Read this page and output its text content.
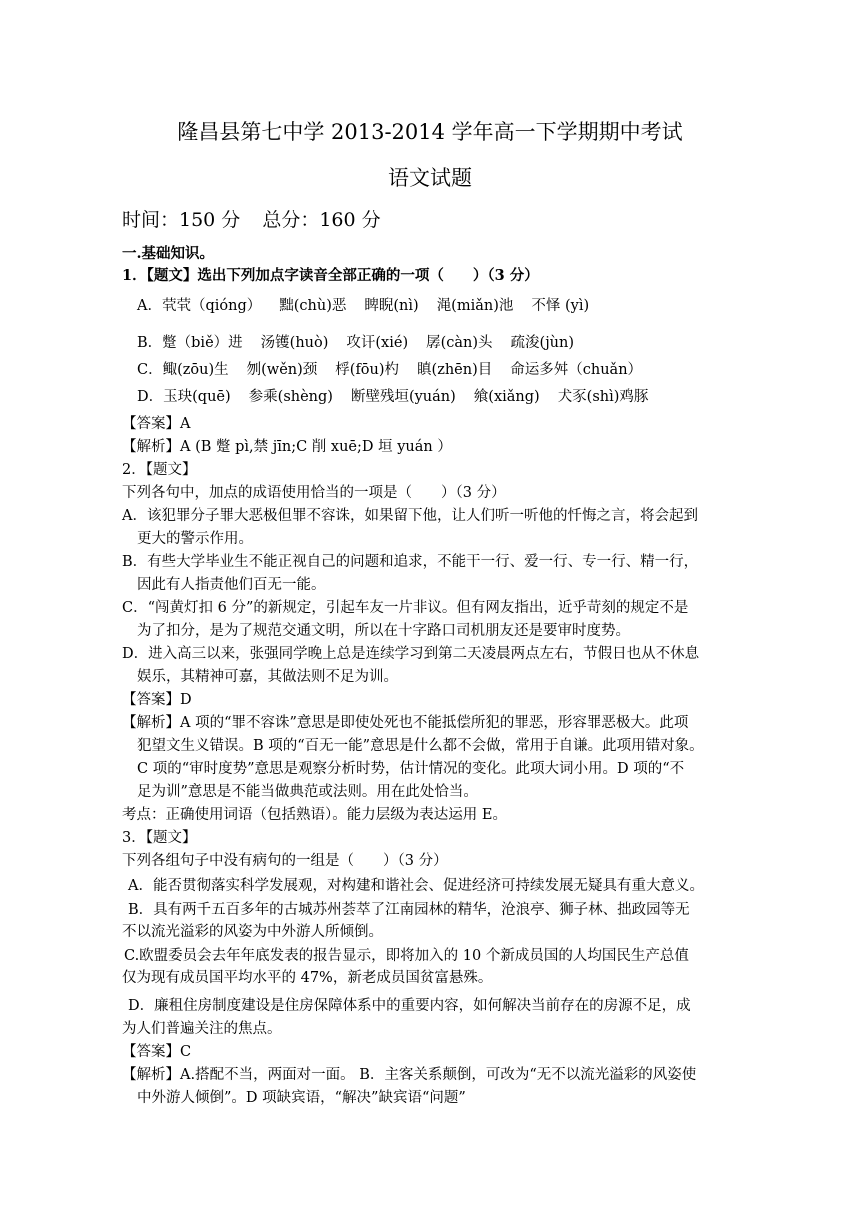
隆昌县第七中学 2013-2014 学年高一下学期期中考试
语文试题
时间：150 分 总分：160 分
一.基础知识。
1．【题文】选出下列加点字读音全部正确的一项（　　）（3 分）
A．茕茕（qióng） 黜(chù)恶 睥睨(nì) 渑(miǎn)池 不怿 (yì)
B．蹩（biě）进 汤镬(huò) 攻讦(xié) 孱(càn)头 疏浚(jùn)
C．鲰(zōu)生 刎(wěn)颈 桴(fōu)杓 瞋(zhēn)目 命运多舛（chuǎn）
D．玉玦(quē) 参乘(shèng) 断壁残垣(yuán) 飨(xiǎng) 犬豕(shì)鸡豚
【答案】A
【解析】A (B 蹩 pì,禁 jīn;C 削 xuē;D 垣 yuán ）
2．【题文】
下列各句中，加点的成语使用恰当的一项是（　　）（3 分）
A．该犯罪分子罪大恶极但罪不容诛，如果留下他，让人们听一听他的忏悔之言，将会起到
更大的警示作用。
B．有些大学毕业生不能正视自己的问题和追求，不能干一行、爱一行、专一行、精一行，
因此有人指责他们百无一能。
C．“闯黄灯扣 6 分”的新规定，引起车友一片非议。但有网友指出，近乎苛刻的规定不是
为了扣分，是为了规范交通文明，所以在十字路口司机朋友还是要审时度势。
D．进入高三以来，张强同学晚上总是连续学习到第二天凌晨两点左右，节假日也从不休息
娱乐，其精神可嘉，其做法则不足为训。
【答案】D
【解析】A 项的“罪不容诛”意思是即使处死也不能抵偿所犯的罪恶，形容罪恶极大。此项
犯望文生义错误。B 项的“百无一能”意思是什么都不会做，常用于自谦。此项用错对象。
C 项的“审时度势”意思是观察分析时势，估计情况的变化。此项大词小用。D 项的“不
足为训”意思是不能当做典范或法则。用在此处恰当。
考点：正确使用词语（包括熟语）。能力层级为表达运用 E。
3．【题文】
下列各组句子中没有病句的一组是（　　）（3 分）
A．能否贯彻落实科学发展观，对构建和谐社会、促进经济可持续发展无疑具有重大意义。
B．具有两千五百多年的古城苏州荟萃了江南园林的精华，沧浪亭、狮子林、拙政园等无
不以流光溢彩的风姿为中外游人所倾倒。
C.欧盟委员会去年年底发表的报告显示，即将加入的 10 个新成员国的人均国民生产总值
仅为现有成员国平均水平的 47%，新老成员国贫富悬殊。
D．廉租住房制度建设是住房保障体系中的重要内容，如何解决当前存在的房源不足，成
为人们普遍关注的焦点。
【答案】C
【解析】A.搭配不当，两面对一面。 B．主客关系颠倒，可改为“无不以流光溢彩的风姿使
中外游人倾倒”。D 项缺宾语，“解决”缺宾语“问题”
